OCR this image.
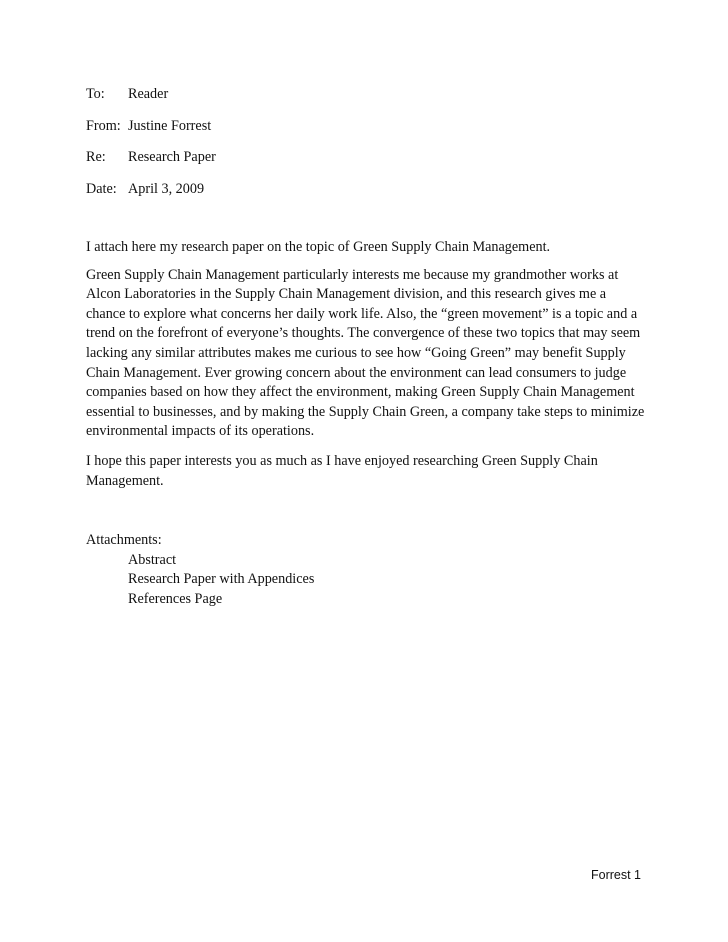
To:	Reader
From: Justine Forrest
Re:	Research Paper
Date: April 3, 2009

I attach here my research paper on the topic of Green Supply Chain Management.

Green Supply Chain Management particularly interests me because my grandmother works at Alcon Laboratories in the Supply Chain Management division, and this research gives me a chance to explore what concerns her daily work life. Also, the “green movement” is a topic and a trend on the forefront of everyone’s thoughts. The convergence of these two topics that may seem lacking any similar attributes makes me curious to see how “Going Green” may benefit Supply Chain Management. Ever growing concern about the environment can lead consumers to judge companies based on how they affect the environment, making Green Supply Chain Management essential to businesses, and by making the Supply Chain Green, a company take steps to minimize environmental impacts of its operations.

I hope this paper interests you as much as I have enjoyed researching Green Supply Chain Management.

Attachments:
Abstract
Research Paper with Appendices
References Page
Forrest 1
